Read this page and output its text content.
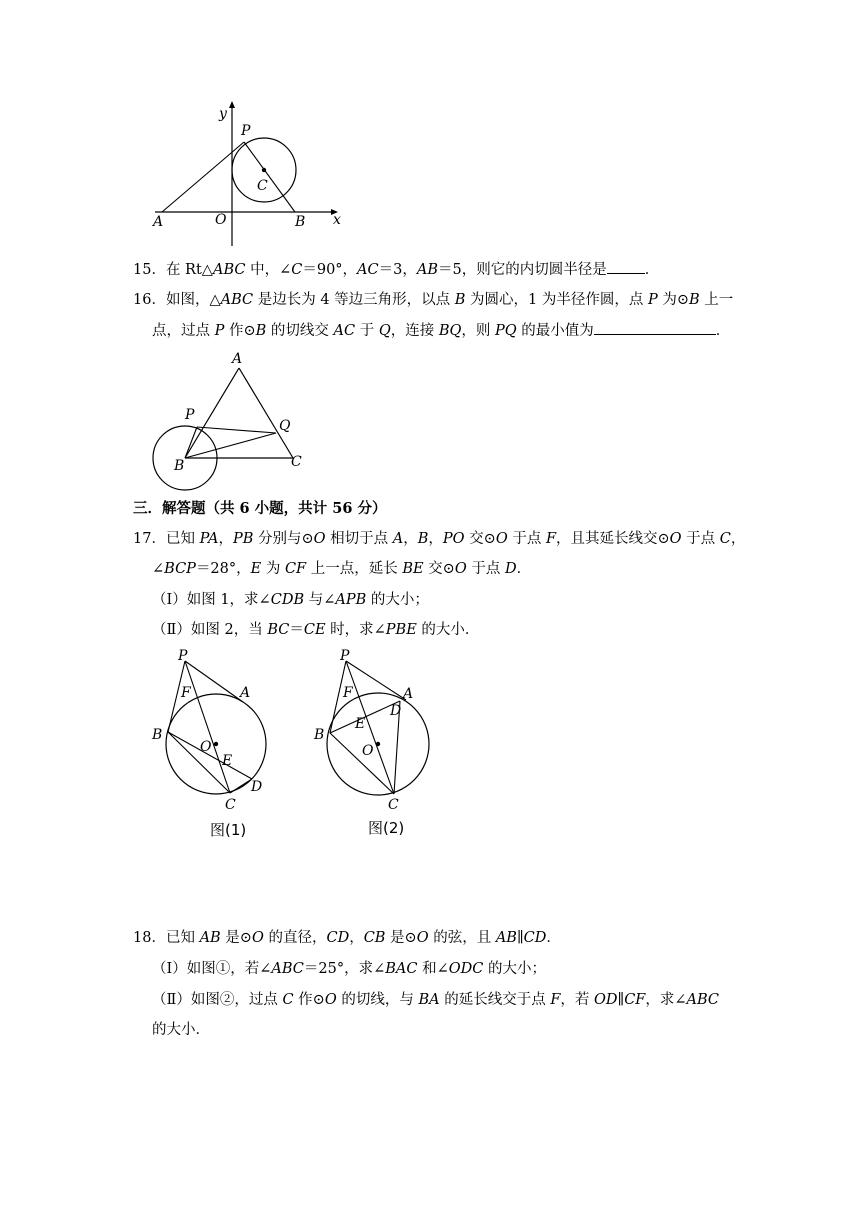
y
x
P
C
A	O	B
15．在 Rt△ABC 中，∠C＝90°，AC＝3，AB＝5，则它的内切圆半径是	．
16．如图，△ABC 是边长为 4 等边三角形，以点 B 为圆心，1 为半径作圆，点 P 为⊙B 上一
点，过点 P 作⊙B 的切线交 AC 于 Q，连接 BQ，则 PQ 的最小值为	．
A
P
Q
B	C
三．解答题（共 6 小题，共计 56 分）
17．已知 PA，PB 分别与⊙O 相切于点 A，B，PO 交⊙O 于点 F，且其延长线交⊙O 于点 C，
∠BCP＝28°，E 为 CF 上一点，延长 BE 交⊙O 于点 D．
（Ⅰ）如图 1，求∠CDB 与∠APB 的大小；
（Ⅱ）如图 2，当 BC＝CE 时，求∠PBE 的大小．
P
F	A
B
O
E
D
C
图(1)
P
F	A
D
E
B
O
C
图(2)
18．已知 AB 是⊙O 的直径，CD，CB 是⊙O 的弦，且 AB∥CD．
（Ⅰ）如图①，若∠ABC＝25°，求∠BAC 和∠ODC 的大小；
（Ⅱ）如图②，过点 C 作⊙O 的切线，与 BA 的延长线交于点 F，若 OD∥CF，求∠ABC
的大小．
